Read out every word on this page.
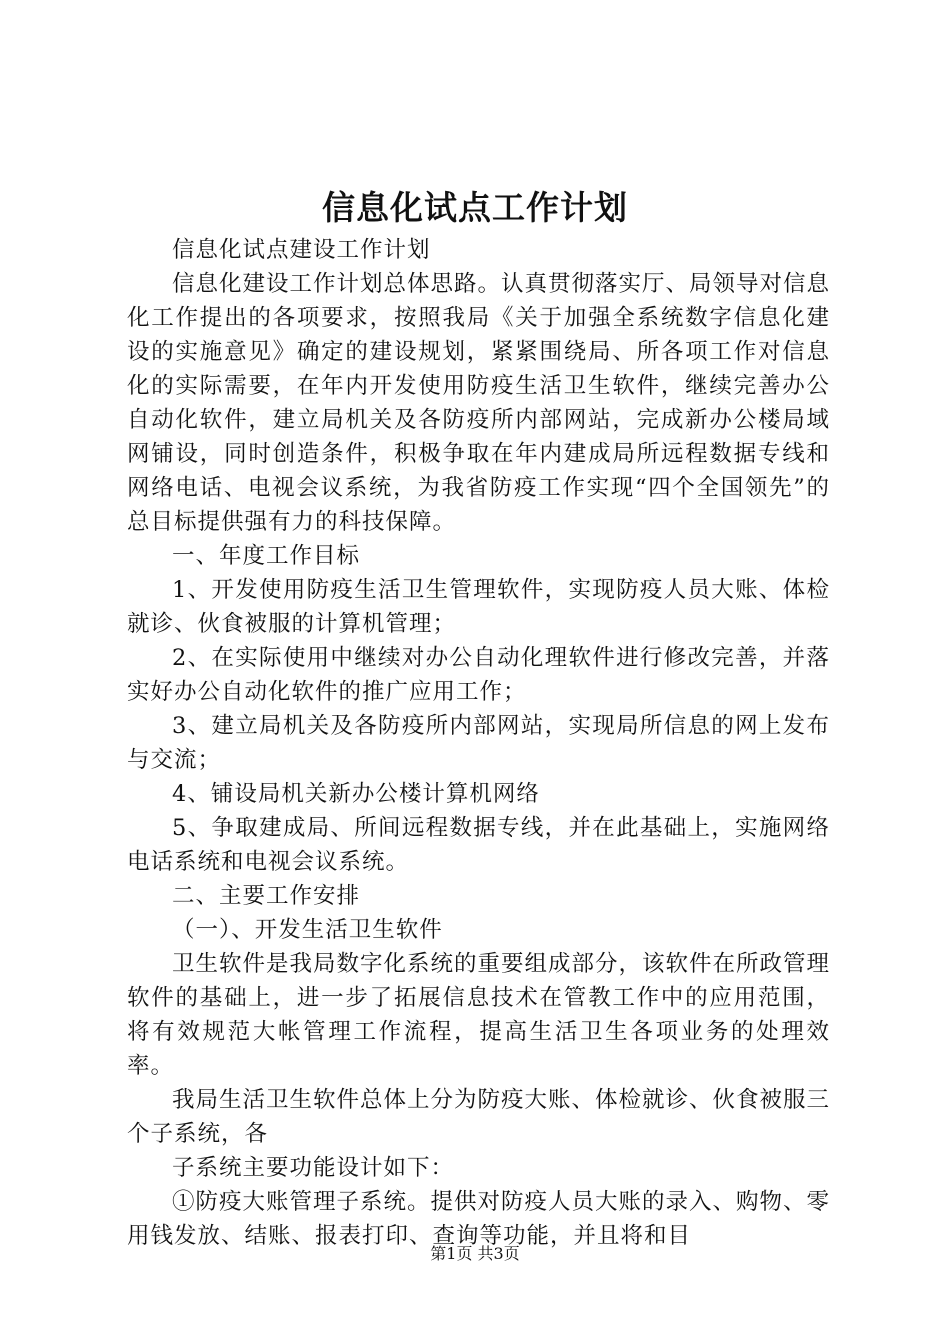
信息化试点工作计划

信息化试点建设工作计划

信息化建设工作计划总体思路。认真贯彻落实厅、局领导对信息化工作提出的各项要求，按照我局《关于加强全系统数字信息化建设的实施意见》确定的建设规划，紧紧围绕局、所各项工作对信息化的实际需要，在年内开发使用防疫生活卫生软件，继续完善办公自动化软件，建立局机关及各防疫所内部网站，完成新办公楼局域网铺设，同时创造条件，积极争取在年内建成局所远程数据专线和网络电话、电视会议系统，为我省防疫工作实现“四个全国领先”的总目标提供强有力的科技保障。

一、年度工作目标

1、开发使用防疫生活卫生管理软件，实现防疫人员大账、体检就诊、伙食被服的计算机管理；

2、在实际使用中继续对办公自动化理软件进行修改完善，并落实好办公自动化软件的推广应用工作；

3、建立局机关及各防疫所内部网站，实现局所信息的网上发布与交流；

4、铺设局机关新办公楼计算机网络

5、争取建成局、所间远程数据专线，并在此基础上，实施网络电话系统和电视会议系统。

二、主要工作安排

（一）、开发生活卫生软件

卫生软件是我局数字化系统的重要组成部分，该软件在所政管理软件的基础上，进一步了拓展信息技术在管教工作中的应用范围，将有效规范大帐管理工作流程，提高生活卫生各项业务的处理效率。

我局生活卫生软件总体上分为防疫大账、体检就诊、伙食被服三个子系统，各

子系统主要功能设计如下：

①防疫大账管理子系统。提供对防疫人员大账的录入、购物、零用钱发放、结账、报表打印、查询等功能，并且将和目

第1页 共3页
